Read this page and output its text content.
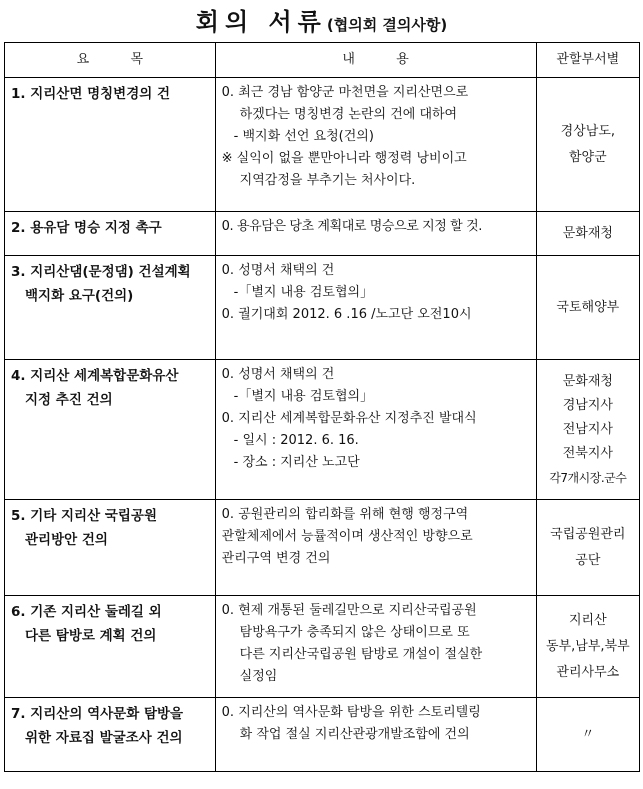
회의 서류(협의회 결의사항)
요          목	내          용	관할부서별

1. 지리산면 명칭변경의 건	0. 최근 경남 함양군 마천면을 지리산면으로
하겠다는 명칭변경 논란의 건에 대하여
- 백지화 선언 요청(건의)
※ 실익이 없을 뿐만아니라 행정력 낭비이고
지역감정을 부추기는 처사이다.	경상남도,
함양군

2. 용유담 명승 지정 촉구	0. 용유담은 당초 계획대로 명승으로 지정 할 것.	문화재청

3. 지리산댐(문정댐) 건설계획
백지화 요구(건의)	0. 성명서 채택의 건
-「별지 내용 검토협의」
0. 궐기대회 2012. 6 .16 /노고단 오전10시	국토해양부

4. 지리산 세계복합문화유산
지정 추진 건의	0. 성명서 채택의 건
-「별지 내용 검토협의」
0. 지리산 세계복합문화유산 지정추진 발대식
- 일시 : 2012. 6. 16.
- 장소 : 지리산 노고단	문화재청
경남지사
전남지사
전북지사
각7개시장.군수

5. 기타 지리산 국립공원
관리방안 건의	0. 공원관리의 합리화를 위해 현행 행정구역
관할체제에서 능률적이며 생산적인 방향으로
관리구역 변경 건의	국립공원관리
공단

6. 기존 지리산 둘레길 외
다른 탐방로 계획 건의	0. 현제 개통된 둘레길만으로 지리산국립공원
탐방욕구가 충족되지 않은 상태이므로 또
다른 지리산국립공원 탐방로 개설이 절실한
실정임	지리산
동부,남부,북부
관리사무소

7. 지리산의 역사문화 탐방을
위한 자료집 발굴조사 건의	0. 지리산의 역사문화 탐방을 위한 스토리텔링
화 작업 절실 지리산관광개발조합에 건의	〃
